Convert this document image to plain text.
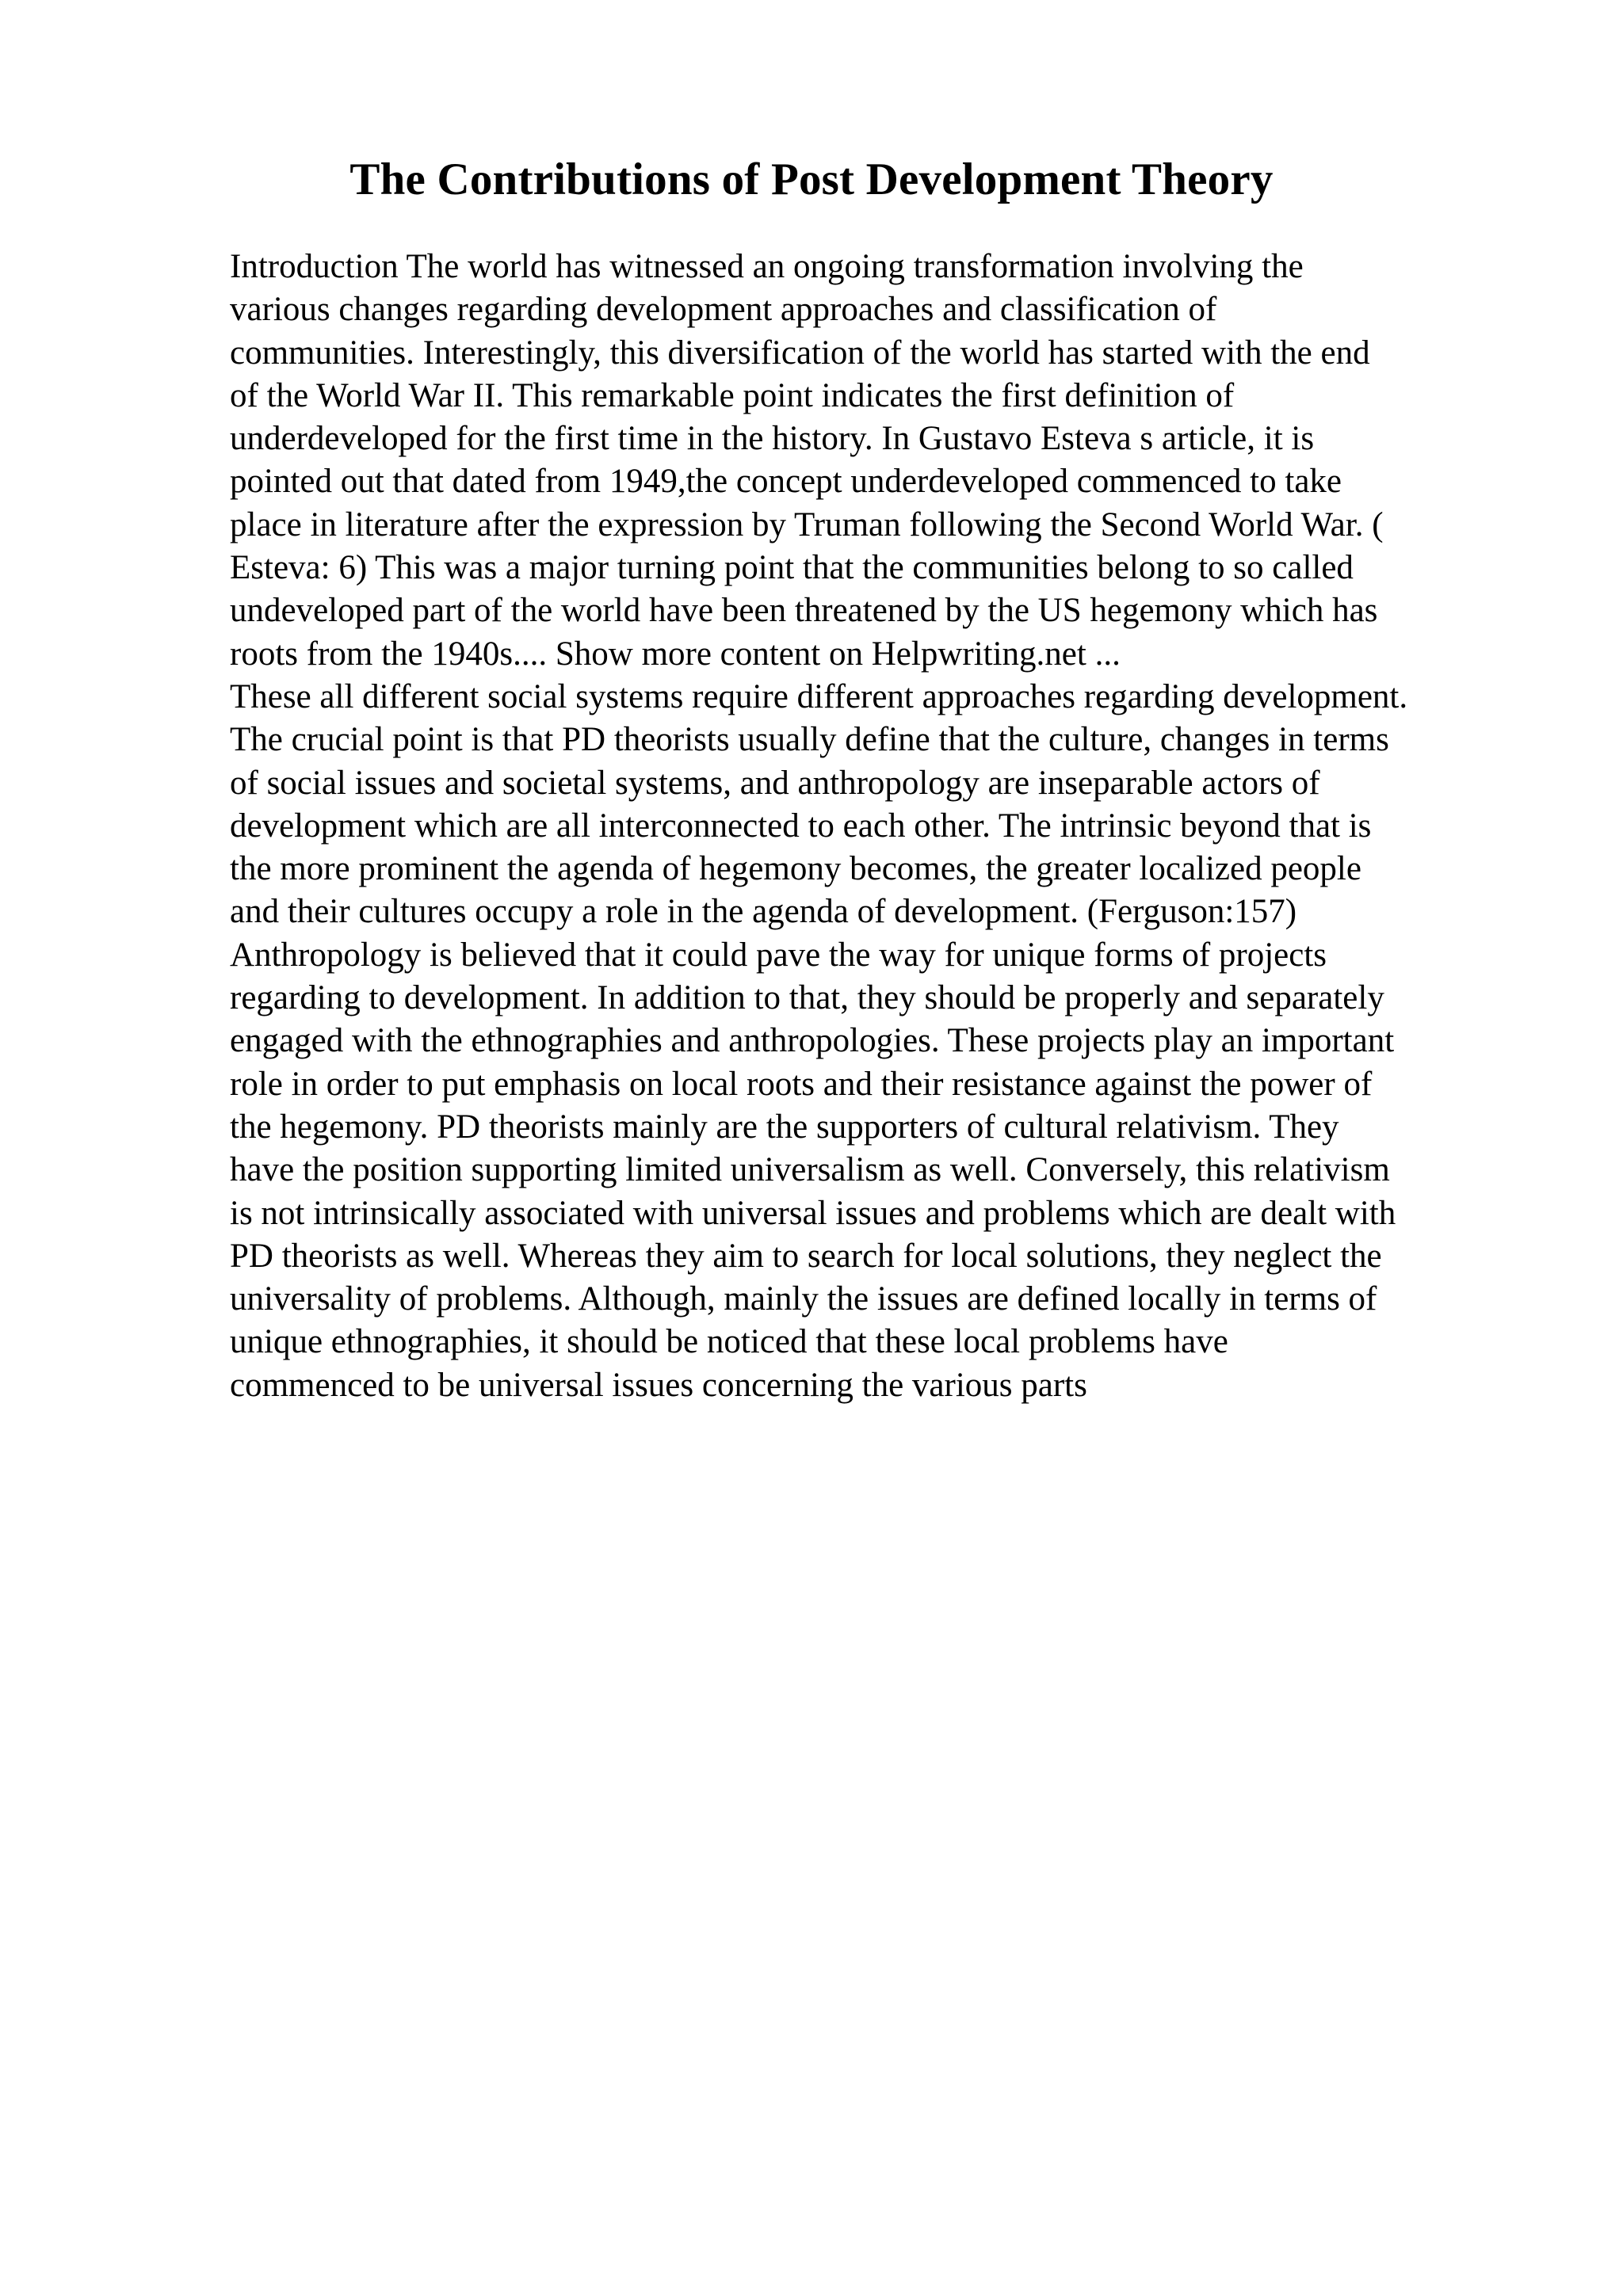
The Contributions of Post Development Theory

Introduction The world has witnessed an ongoing transformation involving the
various changes regarding development approaches and classification of
communities. Interestingly, this diversification of the world has started with the end
of the World War II. This remarkable point indicates the first definition of
underdeveloped for the first time in the history. In Gustavo Esteva s article, it is
pointed out that dated from 1949,the concept underdeveloped commenced to take
place in literature after the expression by Truman following the Second World War. (
Esteva: 6) This was a major turning point that the communities belong to so called
undeveloped part of the world have been threatened by the US hegemony which has
roots from the 1940s.... Show more content on Helpwriting.net ...

These all different social systems require different approaches regarding development.
The crucial point is that PD theorists usually define that the culture, changes in terms
of social issues and societal systems, and anthropology are inseparable actors of
development which are all interconnected to each other. The intrinsic beyond that is
the more prominent the agenda of hegemony becomes, the greater localized people
and their cultures occupy a role in the agenda of development. (Ferguson:157)
Anthropology is believed that it could pave the way for unique forms of projects
regarding to development. In addition to that, they should be properly and separately
engaged with the ethnographies and anthropologies. These projects play an important
role in order to put emphasis on local roots and their resistance against the power of
the hegemony. PD theorists mainly are the supporters of cultural relativism. They
have the position supporting limited universalism as well. Conversely, this relativism
is not intrinsically associated with universal issues and problems which are dealt with
PD theorists as well. Whereas they aim to search for local solutions, they neglect the
universality of problems. Although, mainly the issues are defined locally in terms of
unique ethnographies, it should be noticed that these local problems have
commenced to be universal issues concerning the various parts
